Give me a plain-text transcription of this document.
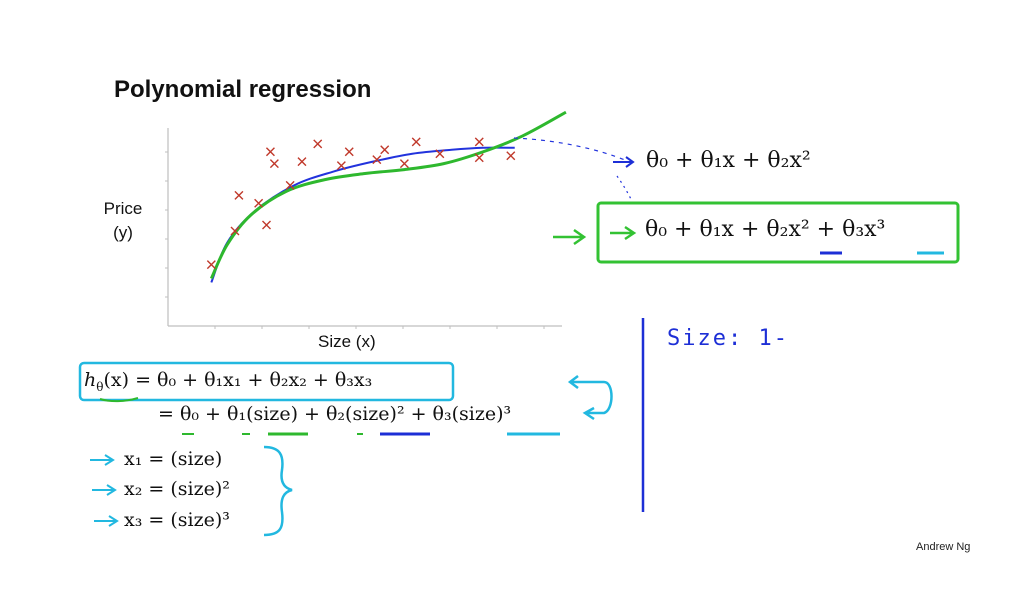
Polynomial regression
Price
(y)
Size (x)
θ₀ + θ₁x + θ₂x²
θ₀ + θ₁x + θ₂x² + θ₃x³
$h_\theta(x) = \theta_0 + \theta_1x_1 + \theta_2x_2 + \theta_3x_3$
= θ₀ + θ₁(size) + θ₂(size)² + θ₃(size)³
x₁ = (size)
x₂ = (size)²
x₃ = (size)³
Size: 1-
Andrew Ng
